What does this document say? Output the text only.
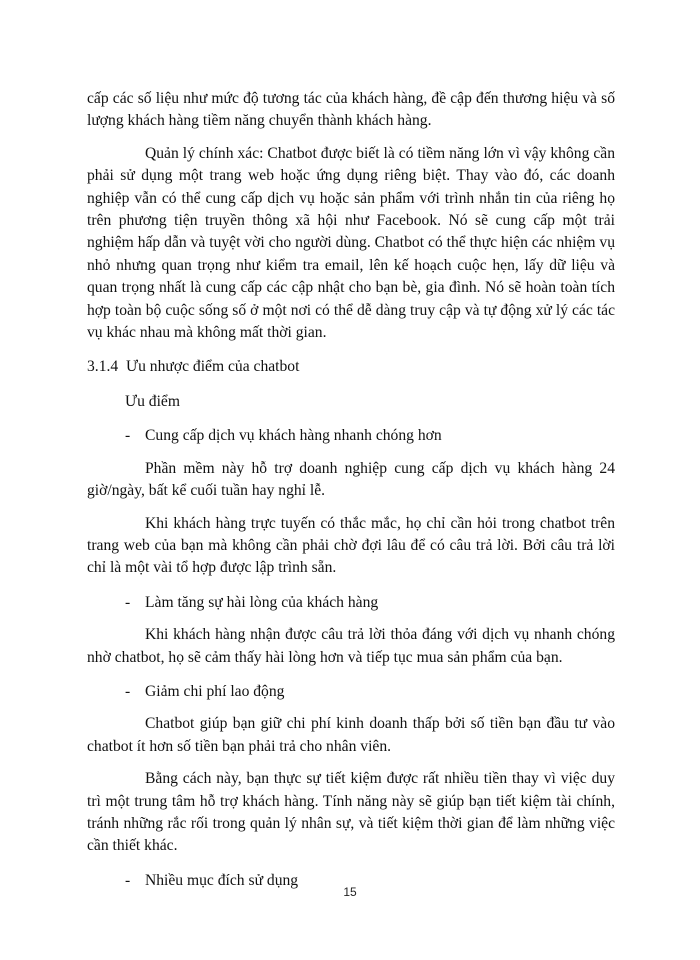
cấp các số liệu như mức độ tương tác của khách hàng, đề cập đến thương hiệu và số lượng khách hàng tiềm năng chuyển thành khách hàng.

Quản lý chính xác: Chatbot được biết là có tiềm năng lớn vì vậy không cần phải sử dụng một trang web hoặc ứng dụng riêng biệt. Thay vào đó, các doanh nghiệp vẫn có thể cung cấp dịch vụ hoặc sản phẩm với trình nhắn tin của riêng họ trên phương tiện truyền thông xã hội như Facebook. Nó sẽ cung cấp một trải nghiệm hấp dẫn và tuyệt vời cho người dùng. Chatbot có thể thực hiện các nhiệm vụ nhỏ nhưng quan trọng như kiểm tra email, lên kế hoạch cuộc hẹn, lấy dữ liệu và quan trọng nhất là cung cấp các cập nhật cho bạn bè, gia đình. Nó sẽ hoàn toàn tích hợp toàn bộ cuộc sống số ở một nơi có thể dễ dàng truy cập và tự động xử lý các tác vụ khác nhau mà không mất thời gian.

3.1.4 Ưu nhược điểm của chatbot

Ưu điểm

- Cung cấp dịch vụ khách hàng nhanh chóng hơn

Phần mềm này hỗ trợ doanh nghiệp cung cấp dịch vụ khách hàng 24 giờ/ngày, bất kể cuối tuần hay nghỉ lễ.

Khi khách hàng trực tuyến có thắc mắc, họ chỉ cần hỏi trong chatbot trên trang web của bạn mà không cần phải chờ đợi lâu để có câu trả lời. Bởi câu trả lời chỉ là một vài tổ hợp được lập trình sẵn.

- Làm tăng sự hài lòng của khách hàng

Khi khách hàng nhận được câu trả lời thỏa đáng với dịch vụ nhanh chóng nhờ chatbot, họ sẽ cảm thấy hài lòng hơn và tiếp tục mua sản phẩm của bạn.

- Giảm chi phí lao động

Chatbot giúp bạn giữ chi phí kinh doanh thấp bởi số tiền bạn đầu tư vào chatbot ít hơn số tiền bạn phải trả cho nhân viên.

Bằng cách này, bạn thực sự tiết kiệm được rất nhiều tiền thay vì việc duy trì một trung tâm hỗ trợ khách hàng. Tính năng này sẽ giúp bạn tiết kiệm tài chính, tránh những rắc rối trong quản lý nhân sự, và tiết kiệm thời gian để làm những việc cần thiết khác.

- Nhiều mục đích sử dụng
15
